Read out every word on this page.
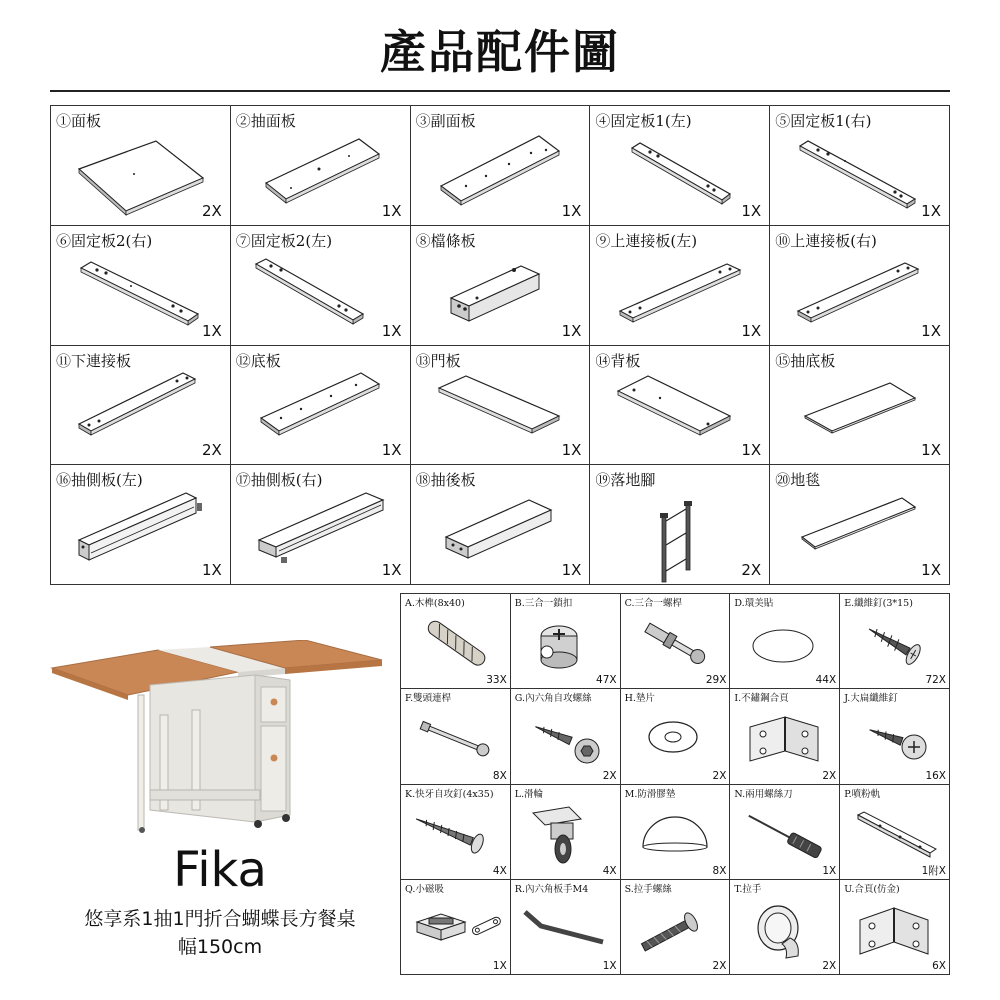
產品配件圖
①面板
2X
②抽面板
1X
③副面板
1X
④固定板1(左)
1X
⑤固定板1(右)
1X
⑥固定板2(右)
1X
⑦固定板2(左)
1X
⑧檔條板
1X
⑨上連接板(左)
1X
⑩上連接板(右)
1X
⑪下連接板
2X
⑫底板
1X
⑬門板
1X
⑭背板
1X
⑮抽底板
1X
⑯抽側板(左)
1X
⑰抽側板(右)
1X
⑱抽後板
1X
⑲落地腳
2X
⑳地毯
1X
Fika
悠享系1抽1門折合蝴蝶長方餐桌
幅150cm
A.木榫(8x40)
33X
B.三合一鎖扣
47X
C.三合一螺桿
29X
D.環美貼
44X
E.纖維釘(3*15)
72X
F.雙頭連桿
8X
G.內六角自攻螺絲
2X
H.墊片
2X
I.不鏽鋼合頁
2X
J.大扁纖維釘
16X
K.快牙自攻釘(4x35)
4X
L.滑輪
4X
M.防滑膠墊
8X
N.兩用螺絲刀
1X
P.噴粉軌
1附X
Q.小磁吸
1X
R.內六角板手M4
1X
S.拉手螺絲
2X
T.拉手
2X
U.合頁(仿金)
6X
